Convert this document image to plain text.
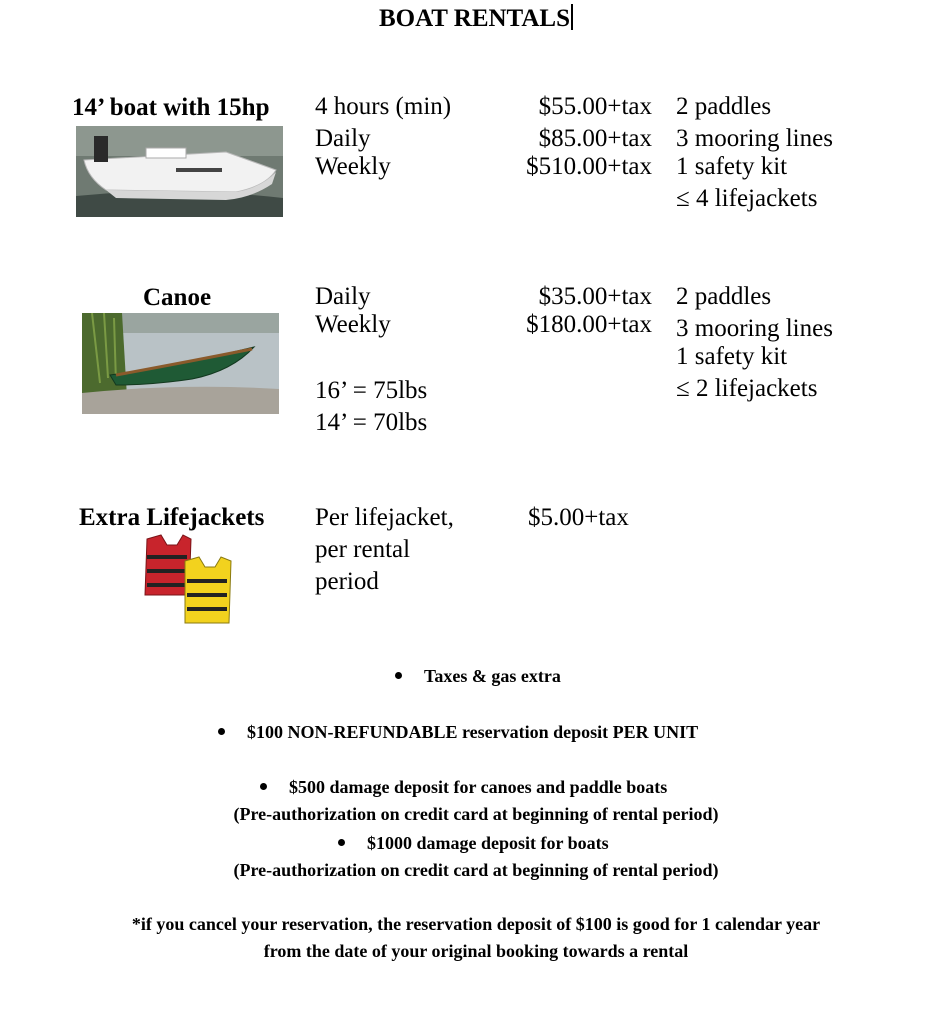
BOAT RENTALS
14’ boat with 15hp 4 hours (min)
Daily
Weekly
$55.00+tax
$85.00+tax
$510.00+tax
2 paddles
3 mooring lines
1 safety kit
≤ 4 lifejackets
Canoe	Daily
Weekly
16’ = 75lbs
14’ = 70lbs
$35.00+tax
$180.00+tax
2 paddles
3 mooring lines
1 safety kit
≤ 2 lifejackets
Extra Lifejackets Per lifejacket,
per rental
period
$5.00+tax
Taxes & gas extra
$100 NON-REFUNDABLE reservation deposit PER UNIT
$500 damage deposit for canoes and paddle boats
(Pre-authorization on credit card at beginning of rental period)
$1000 damage deposit for boats
(Pre-authorization on credit card at beginning of rental period)
*if you cancel your reservation, the reservation deposit of $100 is good for 1 calendar year
from the date of your original booking towards a rental
